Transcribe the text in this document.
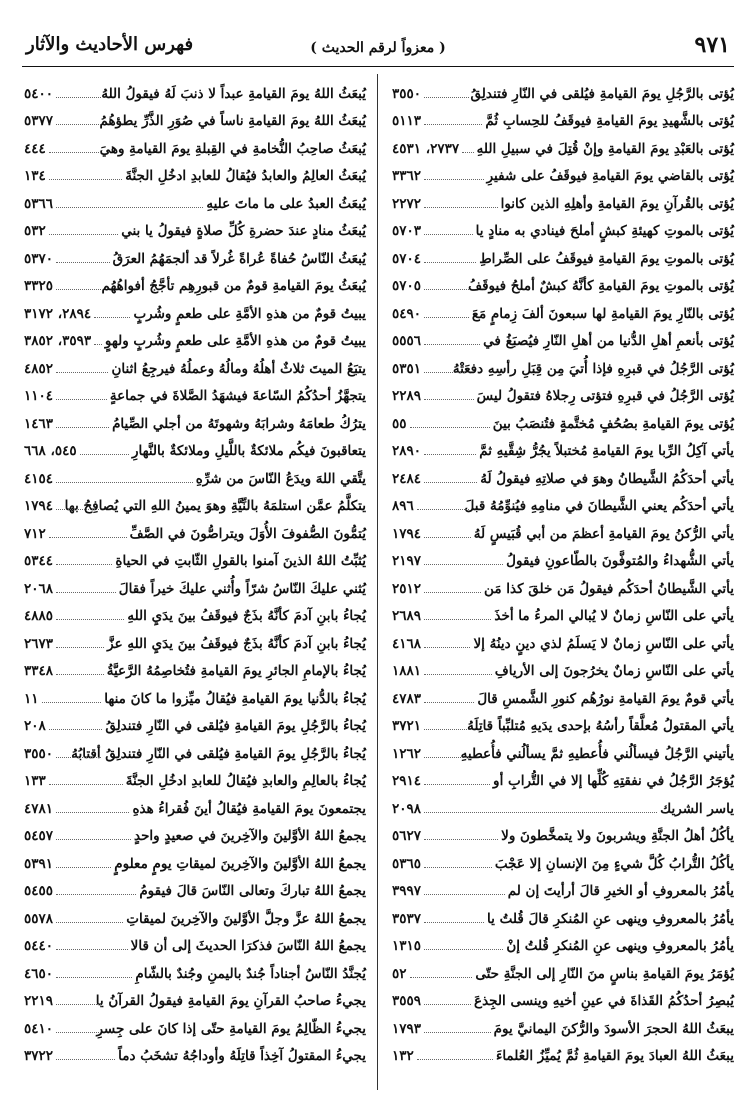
٩٧١
( معزواً لرقم الحديث )
فهرس الأحاديث والآثار
يُؤتى بالرَّجُلِ يومَ القيامةِ فيُلقى في النّارِ فتندلِقُ
٣٥٥٠
يُؤتى بالشَّهيدِ يومَ القيامةِ فيوقَفُ للحِسابِ ثُمَّ
٥١١٣
يُؤتى بالعَبْدِ يومَ القيامةِ وإنْ قُتِلَ في سبيلِ اللهِ
٢٧٣٧، ٤٥٣١
يُؤتى بالقاضي يومَ القيامةِ فيوقَفُ على شفيرِ
٣٣٦٢
يُؤتى بالقُرآنِ يومَ القيامةِ وأهلِهِ الذين كانوا
٢٢٧٢
يُؤتى بالموتِ كهيئةِ كبشٍ أملحَ فينادي به منادٍ يا
٥٧٠٣
يُؤتى بالموتِ يومَ القيامةِ فيوقَفُ على الصِّراطِ
٥٧٠٤
يُؤتى بالموتِ يومَ القيامةِ كأنَّهُ كبشٌ أملحُ فيوقَفُ
٥٧٠٥
يُؤتى بالنّارِ يومَ القيامةِ لها سبعونَ ألفَ زِمامٍ مَعَ
٥٤٩٠
يُؤتى بأنعمِ أهلِ الدُّنيا من أهلِ النّارِ فيُصبَغُ في
٥٥٥٦
يُؤتى الرَّجُلُ في قبرِهِ فإذا أُتيَ مِن قِبَلِ رأسِهِ دفعَتْهُ
٥٣٥١
يُؤتى الرَّجُلُ في قبرِهِ فتؤتى رِجلاهُ فتقولُ ليسَ
٢٢٨٩
يُؤتى يومَ القيامةِ بصُحُفٍ مُختَّمةٍ فتُنصَبُ بينَ
٥٥
يأتي آكِلُ الرِّبا يومَ القيامةِ مُختبلاً يجُرُّ شِقَّيهِ ثمَّ
٢٨٩٠
يأتي أحدَكُمُ الشَّيطانُ وهوَ في صلاتِهِ فيقولُ لَهُ
٢٤٨٤
يأتي أحدَكُم يعني الشَّيطانَ في منامِهِ فيُنوِّمُهُ قبلَ
٨٩٦
يأتي الرُّكنُ يومَ القيامةِ أعظمَ من أبي قُبَيسٍ لَهُ
١٧٩٤
يأتي الشُّهداءُ والمُتوفَّونَ بالطّاعونِ فيقولُ
٢١٩٧
يأتي الشَّيطانُ أحدَكُم فيقولُ مَن خلقَ كذا مَن
٢٥١٢
يأتي على النّاسِ زمانٌ لا يُبالي المرءُ ما أخذَ
٢٦٨٩
يأتي على النّاسِ زمانٌ لا يَسلَمُ لذي دينٍ دينُهُ إلا
٤١٦٨
يأتي على النّاسِ زمانٌ يخرُجونَ إلى الأريافِ
١٨٨١
يأتي قومٌ يومَ القيامةِ نورُهُم كنورِ الشَّمسِ قالَ
٤٧٨٣
يأتي المقتولُ مُعلَّقاً رأسُهُ بإحدى يدَيهِ مُتلبِّباً قاتِلَهُ
٣٧٢١
يأتيني الرَّجُلُ فيسألُني فأُعطيهِ ثمَّ يسألُني فأُعطيهِ
١٢٦٢
يُؤجَرُ الرَّجُلُ في نفقتِهِ كُلِّها إلا في التُّرابِ أو
٢٩١٤
ياسر الشريك
٢٠٩٨
يأكُلُ أهلُ الجنَّةِ ويشربونَ ولا يتمخَّطونَ ولا
٥٦٢٧
يأكُلُ التُّرابُ كُلَّ شيءٍ مِنَ الإنسانِ إلا عَجْبَ
٥٣٦٥
يأمُرُ بالمعروفِ أو الخيرِ قالَ أرأيتَ إن لم
٣٩٩٧
يأمُرُ بالمعروفِ وينهى عنِ المُنكرِ قالَ قُلتُ يا
٣٥٣٧
يأمُرُ بالمعروفِ وينهى عنِ المُنكرِ قُلتُ إنْ
١٣١٥
يُؤمَرُ يومَ القيامةِ بناسٍ منَ النّارِ إلى الجنَّةِ حتّى
٥٢
يُبصِرُ أحدُكُمُ القَذاةَ في عينِ أخيهِ وينسى الجِذعَ
٣٥٥٩
يبعَثُ اللهُ الحجرَ الأسودَ والرُّكنَ اليمانيَّ يومَ
١٧٩٣
يبعَثُ اللهُ العبادَ يومَ القيامةِ ثُمَّ يُميِّزُ العُلماءَ
١٣٢
يُبعَثُ اللهُ يومَ القيامةِ عبداً لا ذنبَ لَهُ فيقولُ اللهُ
٥٤٠٠
يُبعَثُ اللهُ يومَ القيامةِ ناساً في صُوَرِ الذَّرِّ يطؤهُمُ
٥٣٧٧
يُبعَثُ صاحِبُ النُّخامةِ في القِبلةِ يومَ القيامةِ وهيَ
٤٤٤
يُبعَثُ العالِمُ والعابدُ فيُقالُ للعابدِ ادخُلِ الجنَّةَ
١٣٤
يُبعَثُ العبدُ على ما ماتَ عليهِ
٥٣٦٦
يُبعَثُ منادٍ عندَ حضرةِ كُلِّ صلاةٍ فيقولُ يا بني
٥٣٢
يُبعَثُ النّاسُ حُفاةً عُراةً غُرلاً قد ألجمَهُمُ العرَقُ
٥٣٧٠
يُبعَثُ يومَ القيامةِ قومٌ من قبورِهِم تأجَّجُ أفواهُهُم
٣٣٢٥
يبيتُ قومٌ من هذهِ الأمَّةِ على طعمٍ وشُربٍ
٢٨٩٤، ٣١٧٢
يبيتُ قومٌ من هذهِ الأمَّةِ على طعمٍ وشُربٍ ولهوٍ
٣٥٩٣، ٣٨٥٢
يتبَعُ الميتَ ثلاثٌ أهلُهُ ومالُهُ وعملُهُ فيرجِعُ اثنانِ
٤٨٥٢
يتجهَّزُ أحدُكُمُ السّاعةَ فيشهَدُ الصَّلاةَ في جماعةٍ
١١٠٤
يترُكُ طعامَهُ وشرابَهُ وشهوتَهُ من أجلي الصِّيامُ
١٤٦٣
يتعاقبونَ فيكُم ملائكةٌ باللَّيلِ وملائكةٌ بالنَّهارِ
٥٤٥، ٦٦٨
يتَّقي اللهَ ويدَعُ النّاسَ من شرِّهِ
٤١٥٤
يتكلَّمُ عمَّن استلمَهُ بالنِّيَّةِ وهوَ يمينُ اللهِ التي يُصافِحُ بها
١٧٩٤
يُتمُّونَ الصُّفوفَ الأُوَلَ ويتراصُّونَ في الصَّفِّ
٧١٢
يُثبِّتُ اللهُ الذينَ آمنوا بالقولِ الثّابتِ في الحياةِ
٥٣٤٤
يُثني عليكَ النّاسُ شرّاً وأُثني عليكَ خيراً فقالَ
٢٠٦٨
يُجاءُ بابنِ آدمَ كأنَّهُ بذَجٌ فيوقَفُ بينَ يدَيِ اللهِ
٤٨٨٥
يُجاءُ بابنِ آدمَ كأنَّهُ بذَجٌ فيوقَفُ بينَ يدَيِ اللهِ عزَّ
٢٦٧٣
يُجاءُ بالإمامِ الجائرِ يومَ القيامةِ فتُخاصِمُهُ الرَّعيَّةُ
٣٣٤٨
يُجاءُ بالدُّنيا يومَ القيامةِ فيُقالُ ميِّزوا ما كانَ منها
١١
يُجاءُ بالرَّجُلِ يومَ القيامةِ فيُلقى في النّارِ فتندلِقُ
٢٠٨
يُجاءُ بالرَّجُلِ يومَ القيامةِ فيُلقى في النّارِ فتندلِقُ أقتابُهُ
٣٥٥٠
يُجاءُ بالعالِمِ والعابدِ فيُقالُ للعابدِ ادخُلِ الجنَّةَ
١٣٣
يجتمعونَ يومَ القيامةِ فيُقالُ أينَ فُقراءُ هذهِ
٤٧٨١
يجمعُ اللهُ الأوَّلينَ والآخِرينَ في صعيدٍ واحدٍ
٥٤٥٧
يجمعُ اللهُ الأوَّلينَ والآخِرينَ لميقاتِ يومٍ معلومٍ
٥٣٩١
يجمعُ اللهُ تباركَ وتعالى النّاسَ قالَ فيقومُ
٥٤٥٥
يجمعُ اللهُ عزَّ وجلَّ الأوَّلينَ والآخِرينَ لميقاتِ
٥٥٧٨
يجمعُ اللهُ النّاسَ فذكرَا الحديثَ إلى أن قالا
٥٤٤٠
يُجنَّدُ النّاسُ أجناداً جُندٌ باليمنِ وجُندٌ بالشّامِ
٤٦٥٠
يجيءُ صاحبُ القرآنِ يومَ القيامةِ فيقولُ القرآنُ يا
٢٢١٩
يجيءُ الظّالِمُ يومَ القيامةِ حتّى إذا كانَ على جِسرِ
٥٤١٠
يجيءُ المقتولُ آخِذاً قاتِلَهُ وأوداجُهُ تشخَبُ دماً
٣٧٢٢
